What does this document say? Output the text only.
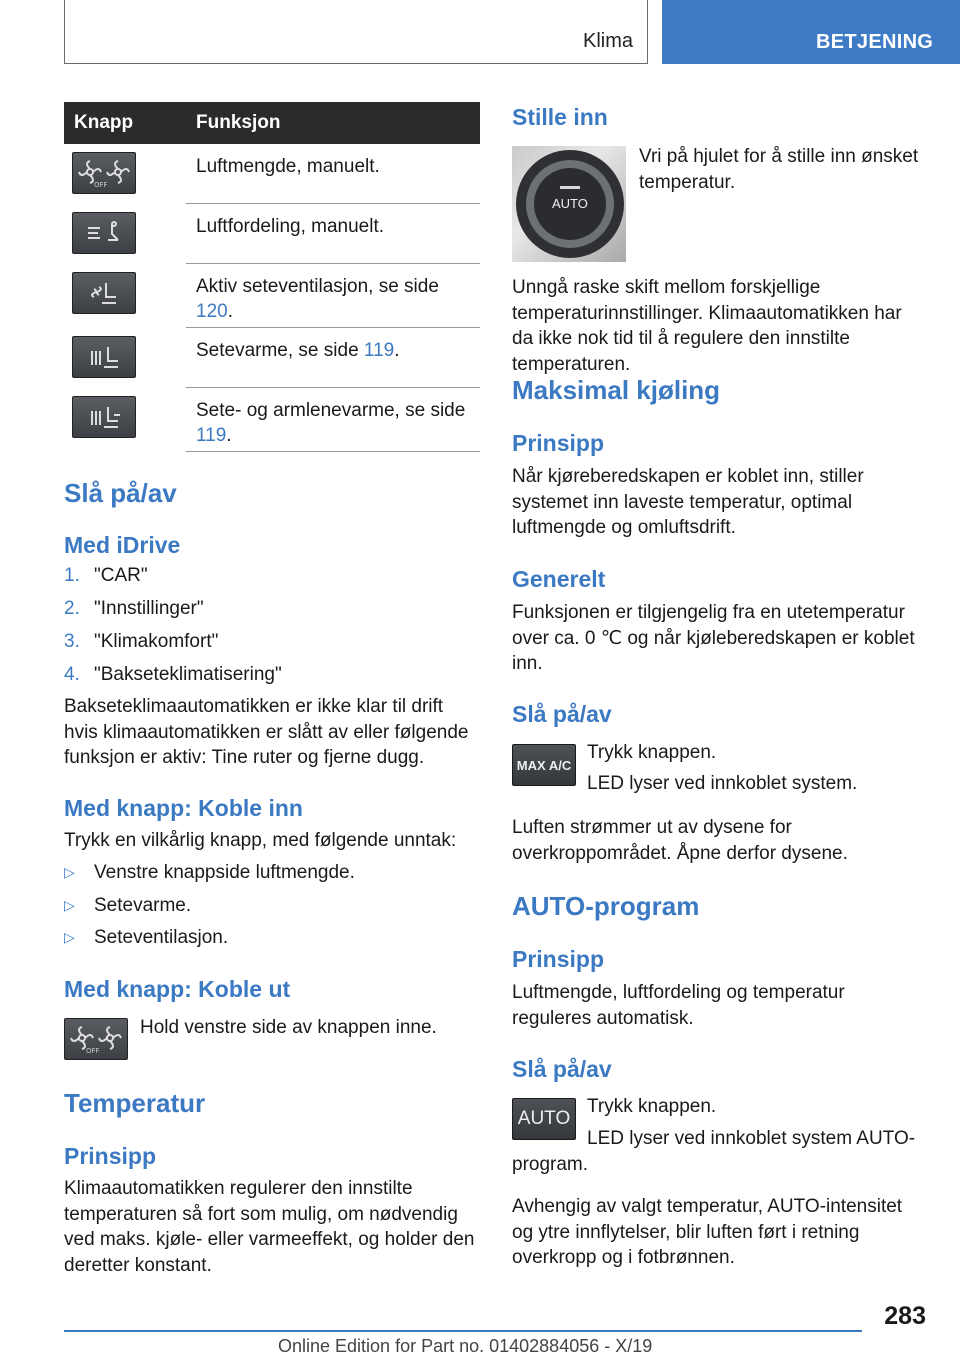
Klima	BETJENING
Knapp	Funksjon
OFF
Luftmengde, manuelt.
Luftfordeling, manuelt.
Aktiv seteventilasjon, se side 120.
Setevarme, se side 119.
Sete- og armlenevarme, se side 119.
Slå på/av
Med iDrive
1. "CAR"
2. "Innstillinger"
3. "Klimakomfort"
4. "Bakseteklimatisering"
Bakseteklimaautomatikken er ikke klar til drift hvis klimaautomatikken er slått av eller følgende funksjon er aktiv: Tine ruter og fjerne dugg.
Med knapp: Koble inn
Trykk en vilkårlig knapp, med følgende unntak:
▷	Venstre knappside luftmengde.
▷	Setevarme.
▷	Seteventilasjon.
Med knapp: Koble ut
OFF
Hold venstre side av knappen inne.
Temperatur
Prinsipp
Klimaautomatikken regulerer den innstilte temperaturen så fort som mulig, om nødvendig ved maks. kjøle- eller varmeeffekt, og holder den deretter konstant.
Stille inn
AUTO
Vri på hjulet for å stille inn ønsket temperatur.
Unngå raske skift mellom forskjellige temperaturinnstillinger. Klimaautomatikken har da ikke nok tid til å regulere den innstilte temperaturen.
Maksimal kjøling
Prinsipp
Når kjøreberedskapen er koblet inn, stiller systemet inn laveste temperatur, optimal luftmengde og omluftsdrift.
Generelt
Funksjonen er tilgjengelig fra en utetemperatur over ca. 0 ℃ og når kjøleberedskapen er koblet inn.
Slå på/av
MAX A/C
Trykk knappen.
LED lyser ved innkoblet system.
Luften strømmer ut av dysene for overkroppområdet. Åpne derfor dysene.
AUTO-program
Prinsipp
Luftmengde, luftfordeling og temperatur reguleres automatisk.
Slå på/av
AUTO
Trykk knappen.
LED lyser ved innkoblet system AUTO-program.
Avhengig av valgt temperatur, AUTO-intensitet og ytre innflytelser, blir luften ført i retning overkropp og i fotbrønnen.
283
Online Edition for Part no. 01402884056 - X/19
